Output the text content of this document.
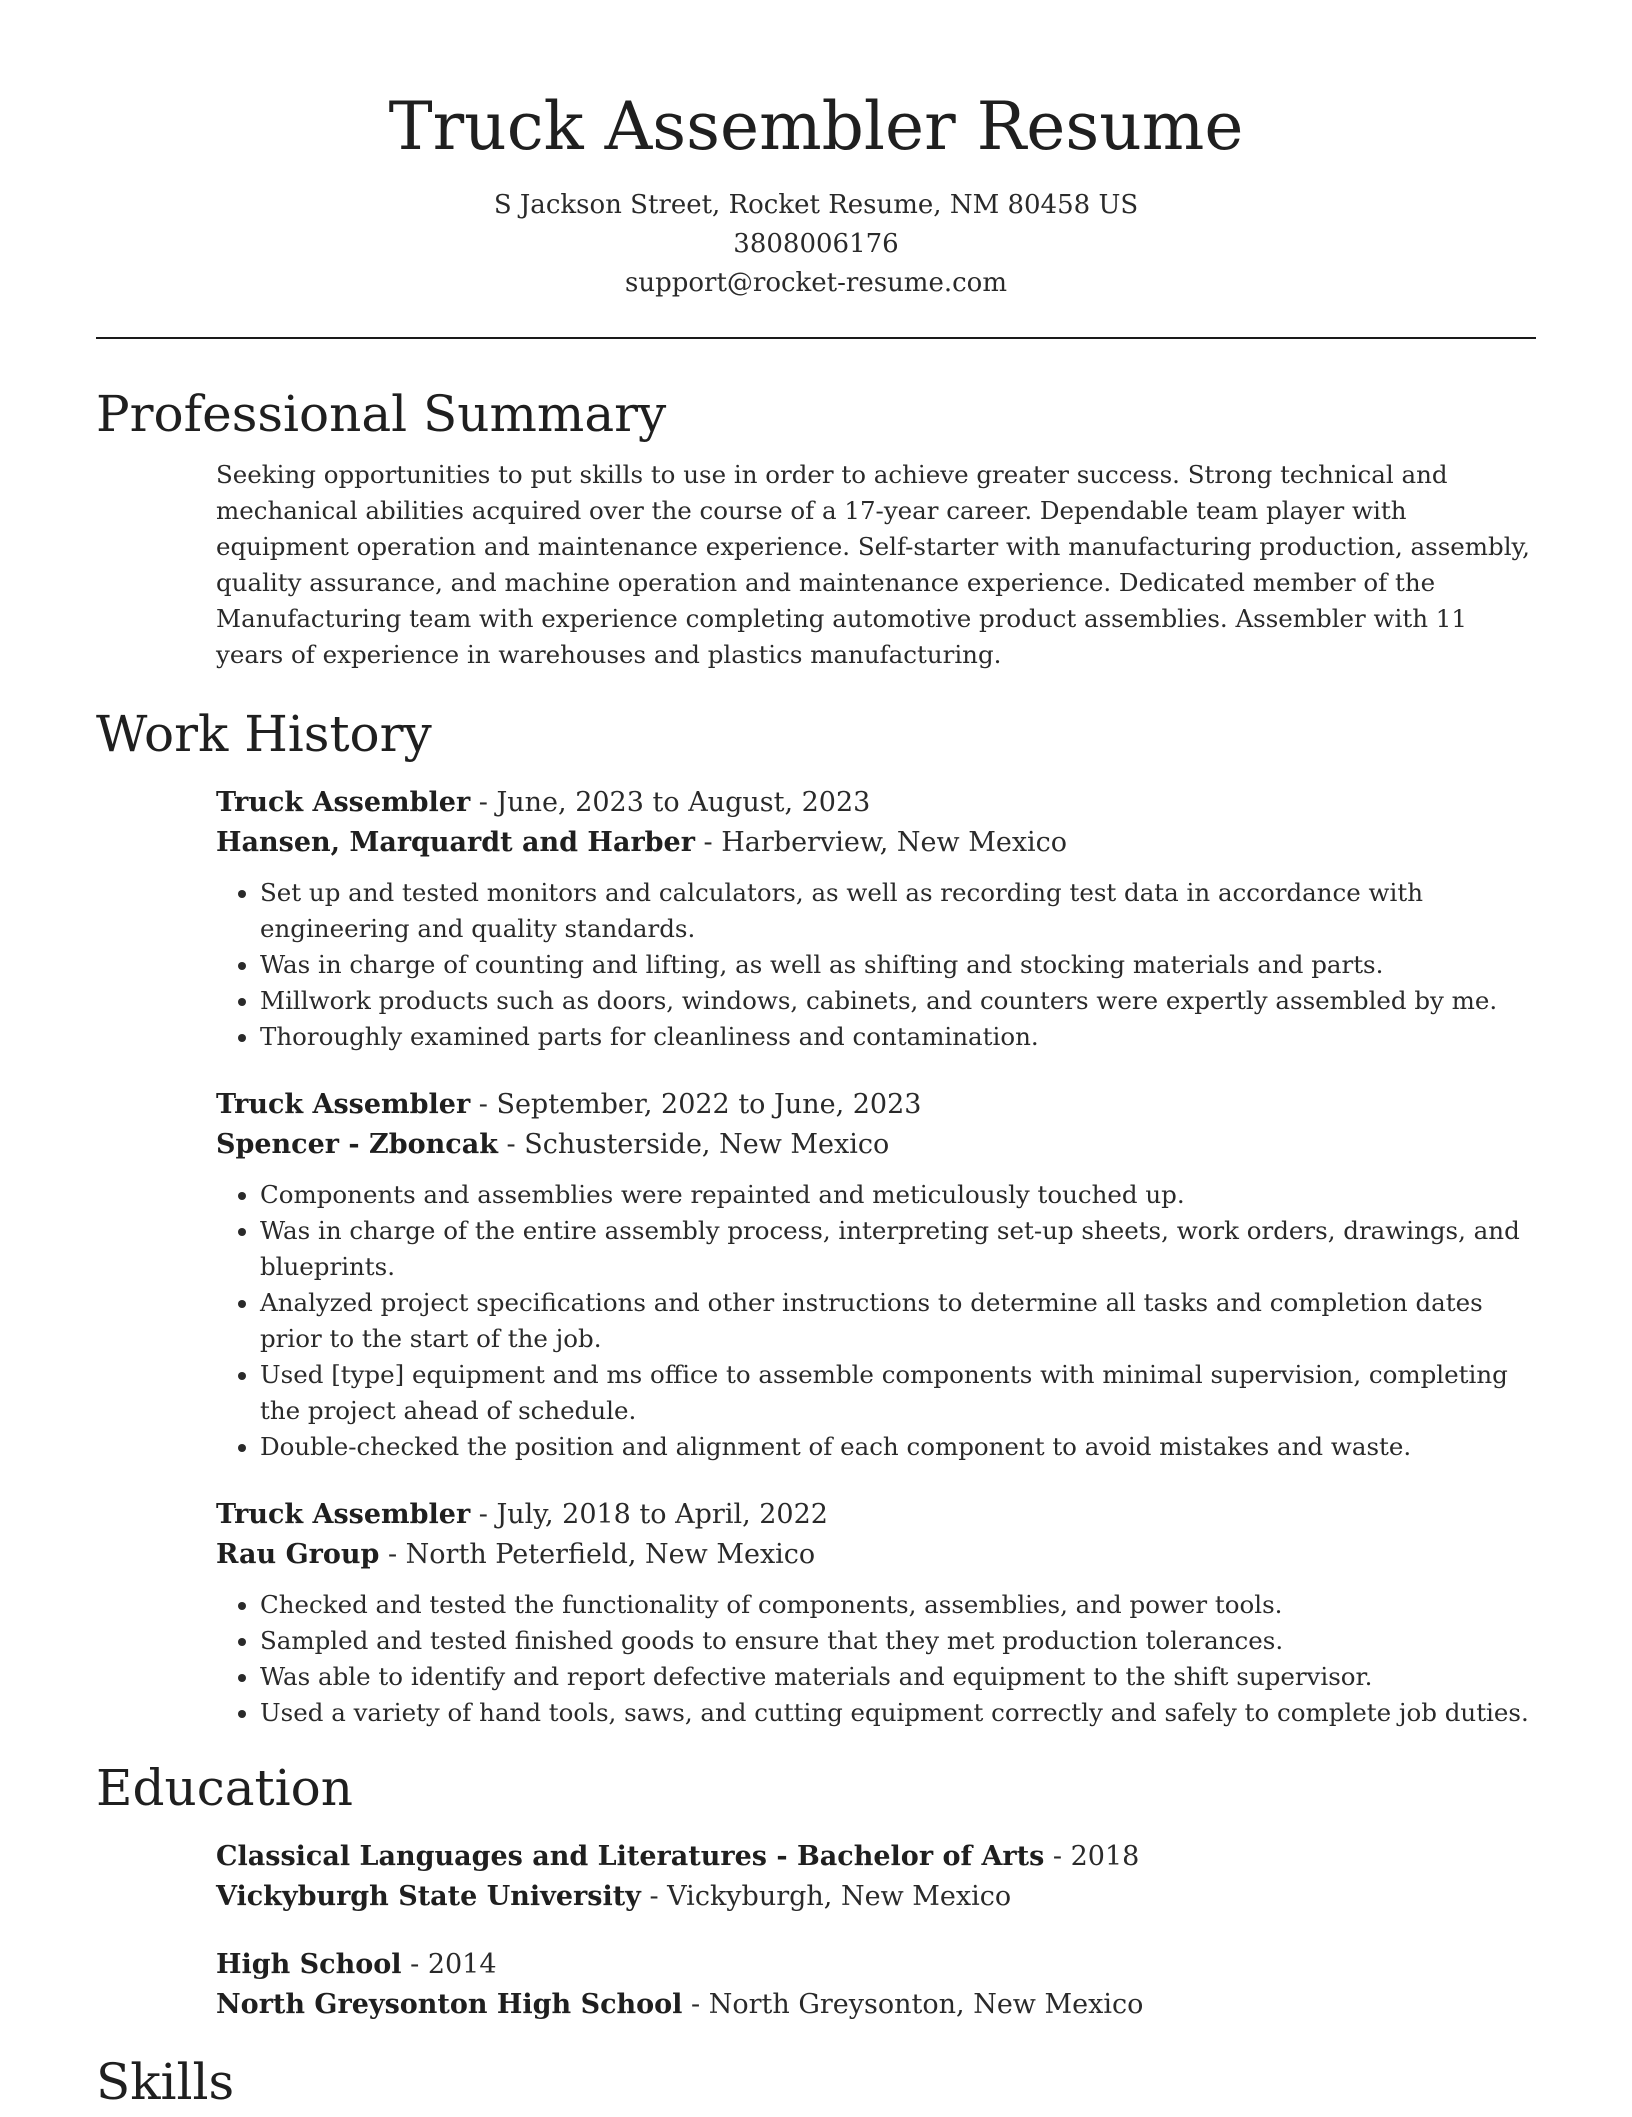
Truck Assembler Resume
S Jackson Street, Rocket Resume, NM 80458 US
3808006176
support@rocket-resume.com
Professional Summary

Seeking opportunities to put skills to use in order to achieve greater success. Strong technical and mechanical abilities acquired over the course of a 17-year career. Dependable team player with equipment operation and maintenance experience. Self-starter with manufacturing production, assembly, quality assurance, and machine operation and maintenance experience. Dedicated member of the Manufacturing team with experience completing automotive product assemblies. Assembler with 11 years of experience in warehouses and plastics manufacturing.

Work History
Truck Assembler - June, 2023 to August, 2023
Hansen, Marquardt and Harber - Harberview, New Mexico
• Set up and tested monitors and calculators, as well as recording test data in accordance with engineering and quality standards.
• Was in charge of counting and lifting, as well as shifting and stocking materials and parts.
• Millwork products such as doors, windows, cabinets, and counters were expertly assembled by me.
• Thoroughly examined parts for cleanliness and contamination.
Truck Assembler - September, 2022 to June, 2023
Spencer - Zboncak - Schusterside, New Mexico
• Components and assemblies were repainted and meticulously touched up.
• Was in charge of the entire assembly process, interpreting set-up sheets, work orders, drawings, and blueprints.
• Analyzed project specifications and other instructions to determine all tasks and completion dates prior to the start of the job.
• Used [type] equipment and ms office to assemble components with minimal supervision, completing the project ahead of schedule.
• Double-checked the position and alignment of each component to avoid mistakes and waste.
Truck Assembler - July, 2018 to April, 2022
Rau Group - North Peterfield, New Mexico
• Checked and tested the functionality of components, assemblies, and power tools.
• Sampled and tested finished goods to ensure that they met production tolerances.
• Was able to identify and report defective materials and equipment to the shift supervisor.
• Used a variety of hand tools, saws, and cutting equipment correctly and safely to complete job duties.
Education
Classical Languages and Literatures - Bachelor of Arts - 2018
Vickyburgh State University - Vickyburgh, New Mexico
High School - 2014
North Greysonton High School - North Greysonton, New Mexico
Skills
